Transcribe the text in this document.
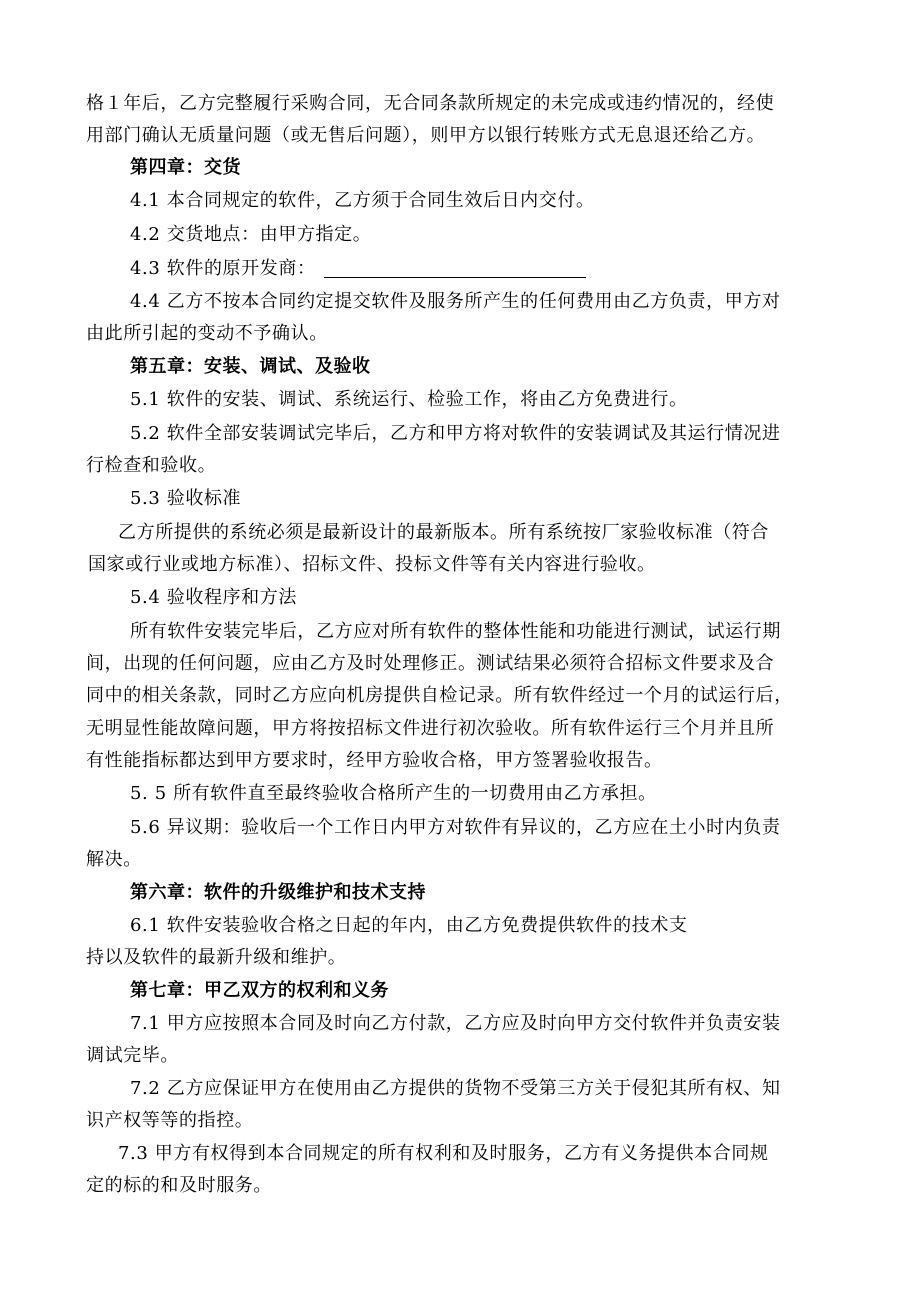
格１年后，乙方完整履行采购合同，无合同条款所规定的未完成或违约情况的，经使
用部门确认无质量问题（或无售后问题），则甲方以银行转账方式无息退还给乙方。
第四章：交货
4.1 本合同规定的软件，乙方须于合同生效后日内交付。
4.2 交货地点：由甲方指定。
4.3 软件的原开发商：
4.4 乙方不按本合同约定提交软件及服务所产生的任何费用由乙方负责，甲方对
由此所引起的变动不予确认。
第五章：安装、调试、及验收
5.1 软件的安装、调试、系统运行、检验工作，将由乙方免费进行。
5.2 软件全部安装调试完毕后，乙方和甲方将对软件的安装调试及其运行情况进
行检查和验收。
5.3 验收标准
乙方所提供的系统必须是最新设计的最新版本。所有系统按厂家验收标准（符合
国家或行业或地方标准）、招标文件、投标文件等有关内容进行验收。
5.4 验收程序和方法
所有软件安装完毕后，乙方应对所有软件的整体性能和功能进行测试，试运行期
间，出现的任何问题，应由乙方及时处理修正。测试结果必须符合招标文件要求及合
同中的相关条款，同时乙方应向机房提供自检记录。所有软件经过一个月的试运行后，
无明显性能故障问题，甲方将按招标文件进行初次验收。所有软件运行三个月并且所
有性能指标都达到甲方要求时，经甲方验收合格，甲方签署验收报告。
5. 5 所有软件直至最终验收合格所产生的一切费用由乙方承担。
5.6 异议期：验收后一个工作日内甲方对软件有异议的，乙方应在土小时内负责
解决。
第六章：软件的升级维护和技术支持
6.1 软件安装验收合格之日起的年内，由乙方免费提供软件的技术支
持以及软件的最新升级和维护。
第七章：甲乙双方的权利和义务
7.1 甲方应按照本合同及时向乙方付款，乙方应及时向甲方交付软件并负责安装
调试完毕。
7.2 乙方应保证甲方在使用由乙方提供的货物不受第三方关于侵犯其所有权、知
识产权等等的指控。
7.3 甲方有权得到本合同规定的所有权利和及时服务，乙方有义务提供本合同规
定的标的和及时服务。
